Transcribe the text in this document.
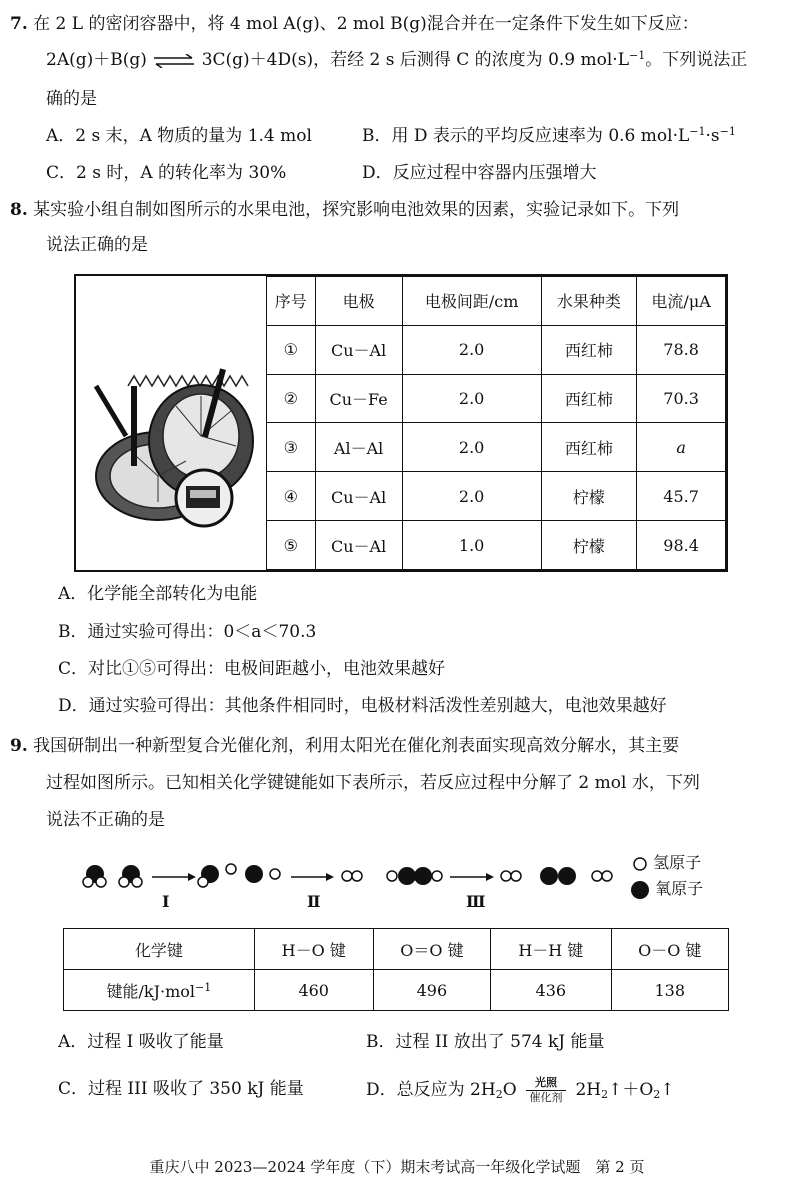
7. 在 2 L 的密闭容器中，将 4 mol A(g)、2 mol B(g)混合并在一定条件下发生如下反应：
2A(g)＋B(g) ⇌ 3C(g)＋4D(s)，若经 2 s 后测得 C 的浓度为 0.9 $mol\cdot L^{-1}$。下列说法正
确的是
A．2 s 末，A 物质的量为 1.4 mol	B．用 D 表示的平均反应速率为 0.6 $mol\cdot L^{-1}\cdot s^{-1}$
C．2 s 时，A 的转化率为 30%	D．反应过程中容器内压强增大
8. 某实验小组自制如图所示的水果电池，探究影响电池效果的因素，实验记录如下。下列
说法正确的是
序号	电极	电极间距/cm	水果种类	电流/μA
①	Cu－Al	2.0	西红柿	78.8
②	Cu－Fe	2.0	西红柿	70.3
③	Al－Al	2.0	西红柿	a
④	Cu－Al	2.0	柠檬	45.7
⑤	Cu－Al	1.0	柠檬	98.4
A．化学能全部转化为电能
B．通过实验可得出：0＜a＜70.3
C．对比①⑤可得出：电极间距越小，电池效果越好
D．通过实验可得出：其他条件相同时，电极材料活泼性差别越大，电池效果越好
9. 我国研制出一种新型复合光催化剂，利用太阳光在催化剂表面实现高效分解水，其主要
过程如图所示。已知相关化学键键能如下表所示，若反应过程中分解了 2 mol 水，下列
说法不正确的是
Ⅰ	Ⅱ	Ⅲ
氢原子
氧原子
化学键	H－O 键	O＝O 键	H－H 键	O－O 键
键能/kJ·mol$^{-1}$	460	496	436	138
A．过程 I 吸收了能量	B．过程 II 放出了 574 kJ 能量
C．过程 III 吸收了 350 kJ 能量	D．总反应为 $2H_2O$	光照
催化剂 $2H_2↑+O_2↑$
重庆八中 2023—2024 学年度（下）期末考试高一年级化学试题　第 2 页
